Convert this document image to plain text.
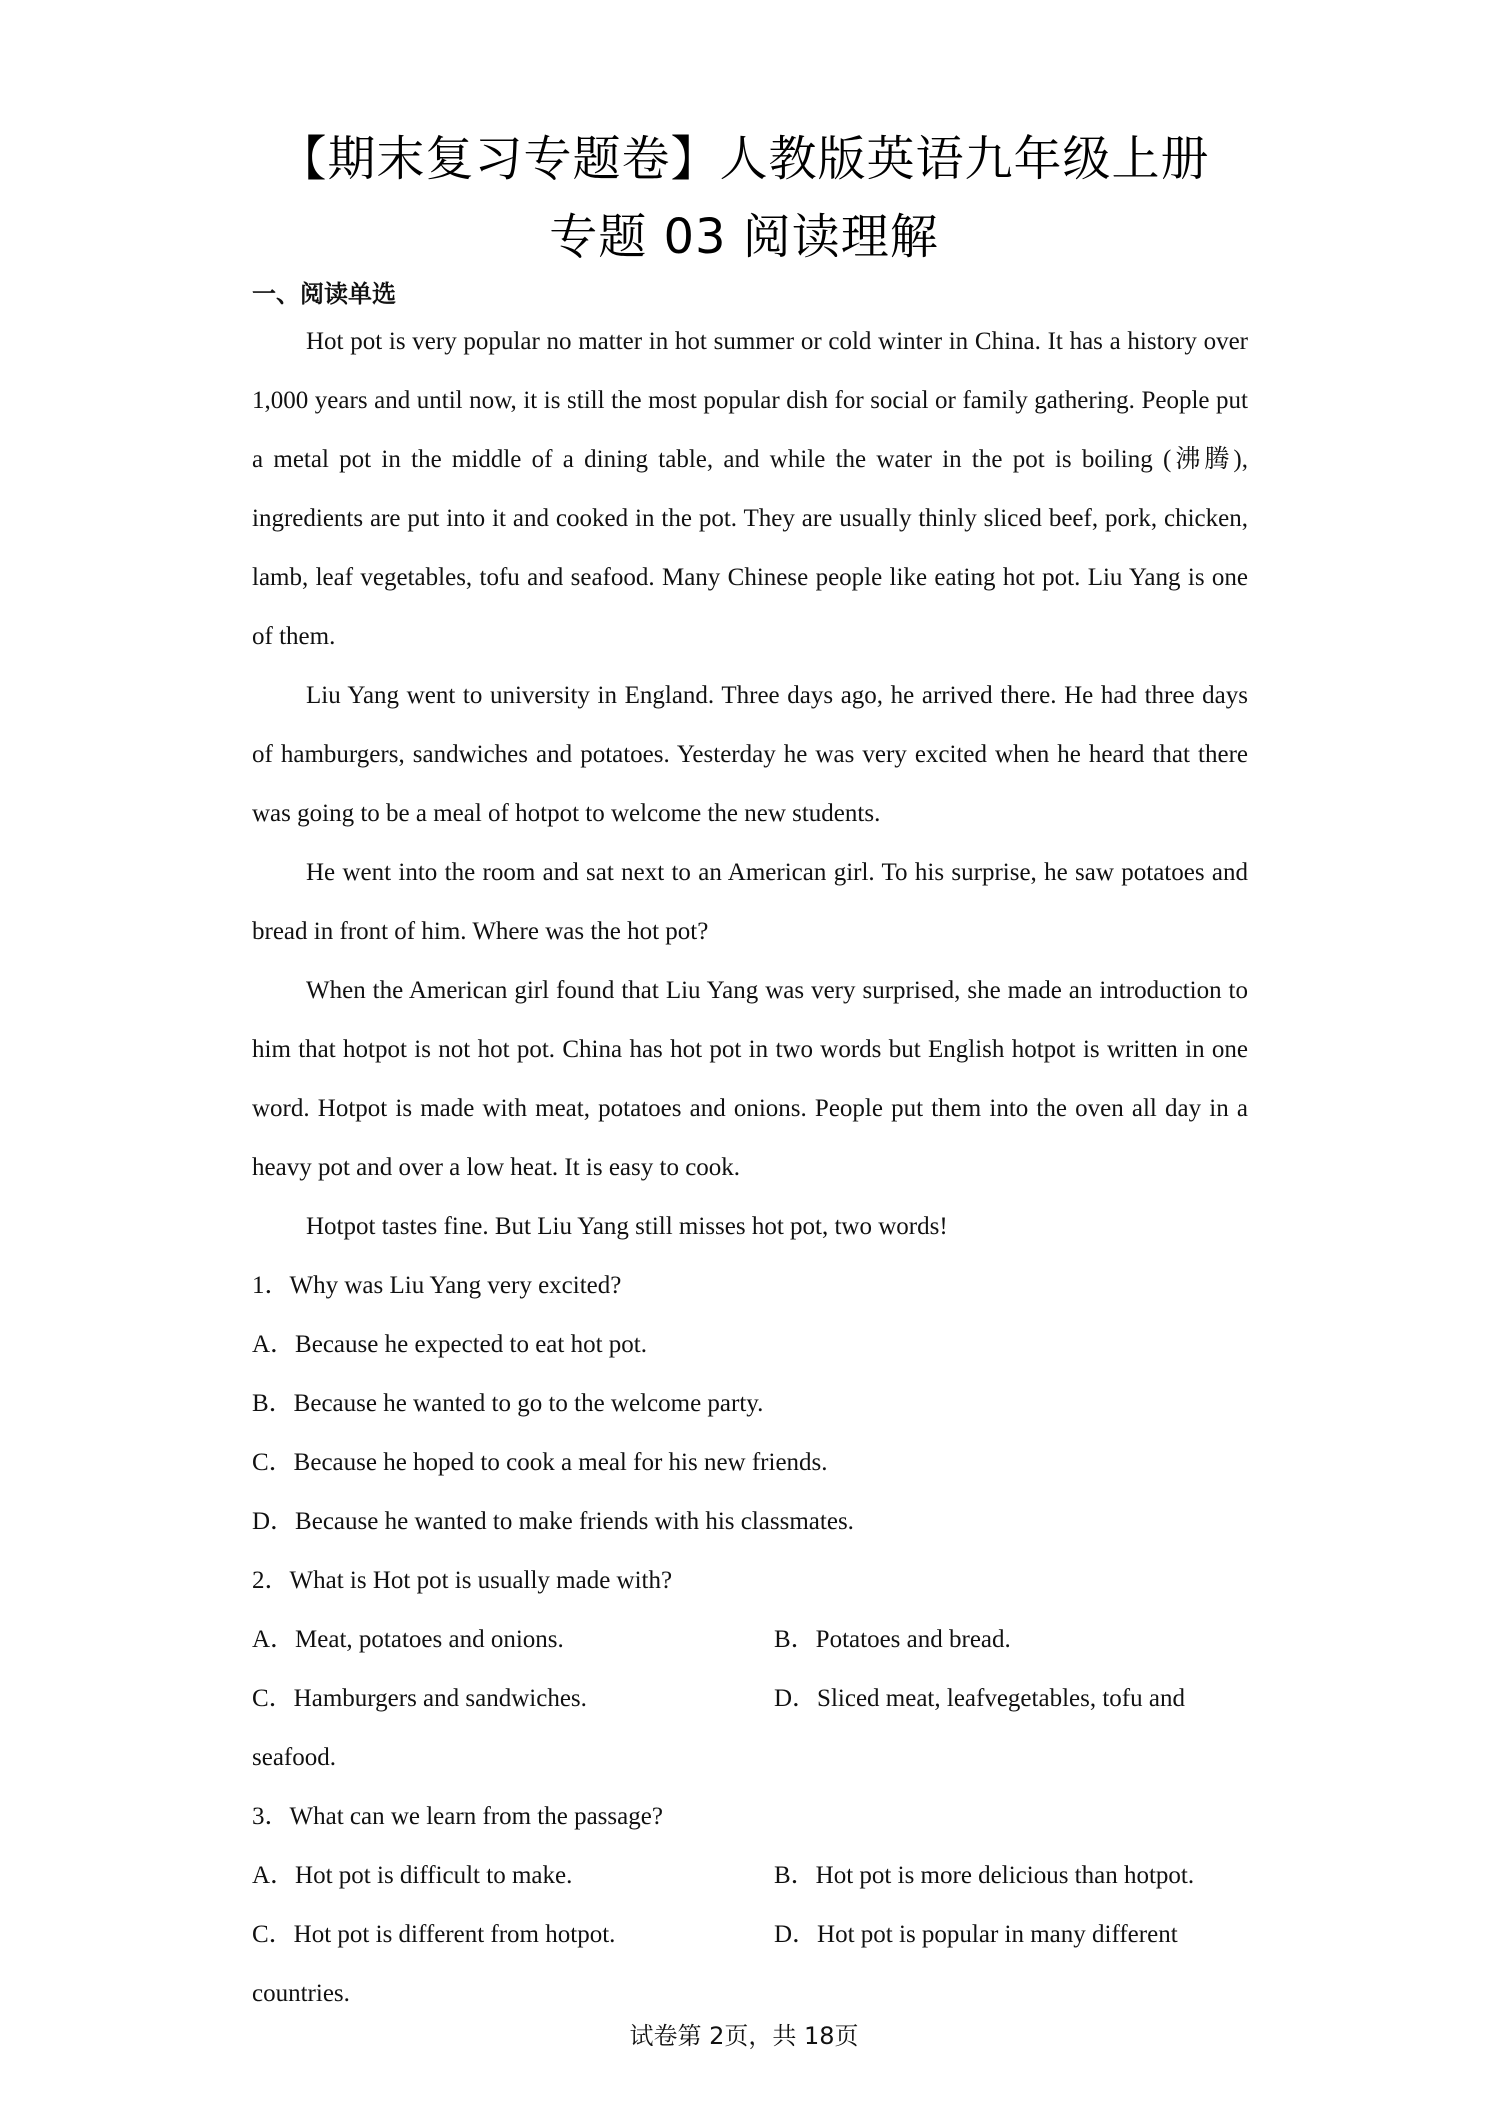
【期末复习专题卷】人教版英语九年级上册
专题 03 阅读理解
一、阅读单选

Hot pot is very popular no matter in hot summer or cold winter in China. It has a history over 1,000 years and until now, it is still the most popular dish for social or family gathering. People put a metal pot in the middle of a dining table, and while the water in the pot is boiling (沸腾), ingredients are put into it and cooked in the pot. They are usually thinly sliced beef, pork, chicken, lamb, leaf vegetables, tofu and seafood. Many Chinese people like eating hot pot. Liu Yang is one of them.

Liu Yang went to university in England. Three days ago, he arrived there. He had three days of hamburgers, sandwiches and potatoes. Yesterday he was very excited when he heard that there was going to be a meal of hotpot to welcome the new students.

He went into the room and sat next to an American girl. To his surprise, he saw potatoes and bread in front of him. Where was the hot pot?

When the American girl found that Liu Yang was very surprised, she made an introduction to him that hotpot is not hot pot. China has hot pot in two words but English hotpot is written in one word. Hotpot is made with meat, potatoes and onions. People put them into the oven all day in a heavy pot and over a low heat. It is easy to cook.

Hotpot tastes fine. But Liu Yang still misses hot pot, two words!

1．Why was Liu Yang very excited?

A．Because he expected to eat hot pot.

B．Because he wanted to go to the welcome party.

C．Because he hoped to cook a meal for his new friends.

D．Because he wanted to make friends with his classmates.

2．What is Hot pot is usually made with?

A．Meat, potatoes and onions.	B．Potatoes and bread.
C．Hamburgers and sandwiches.	D．Sliced meat, leafvegetables, tofu and

seafood.

3．What can we learn from the passage?

A．Hot pot is difficult to make.	B．Hot pot is more delicious than hotpot.
C．Hot pot is different from hotpot.	D．Hot pot is popular in many different

countries.

试卷第 2页，共 18页
